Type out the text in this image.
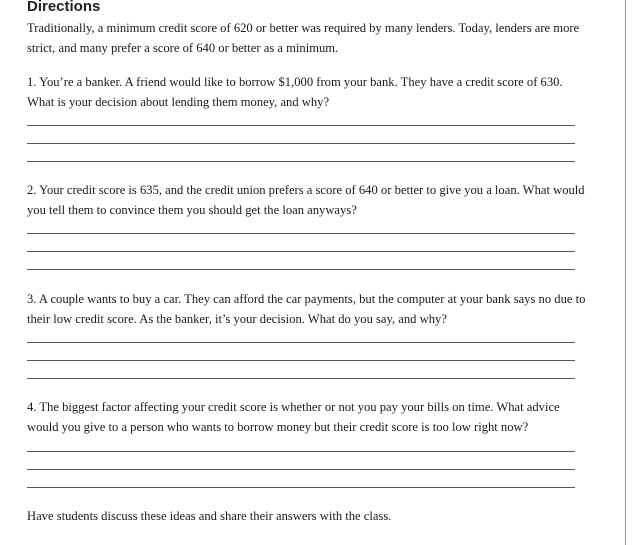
Directions

Traditionally, a minimum credit score of 620 or better was required by many lenders. Today, lenders are more strict, and many prefer a score of 640 or better as a minimum.

1. You’re a banker. A friend would like to borrow $1,000 from your bank. They have a credit score of 630. What is your decision about lending them money, and why?

2. Your credit score is 635, and the credit union prefers a score of 640 or better to give you a loan. What would you tell them to convince them you should get the loan anyways?

3. A couple wants to buy a car. They can afford the car payments, but the computer at your bank says no due to their low credit score. As the banker, it’s your decision. What do you say, and why?

4. The biggest factor affecting your credit score is whether or not you pay your bills on time. What advice would you give to a person who wants to borrow money but their credit score is too low right now?

Have students discuss these ideas and share their answers with the class.
